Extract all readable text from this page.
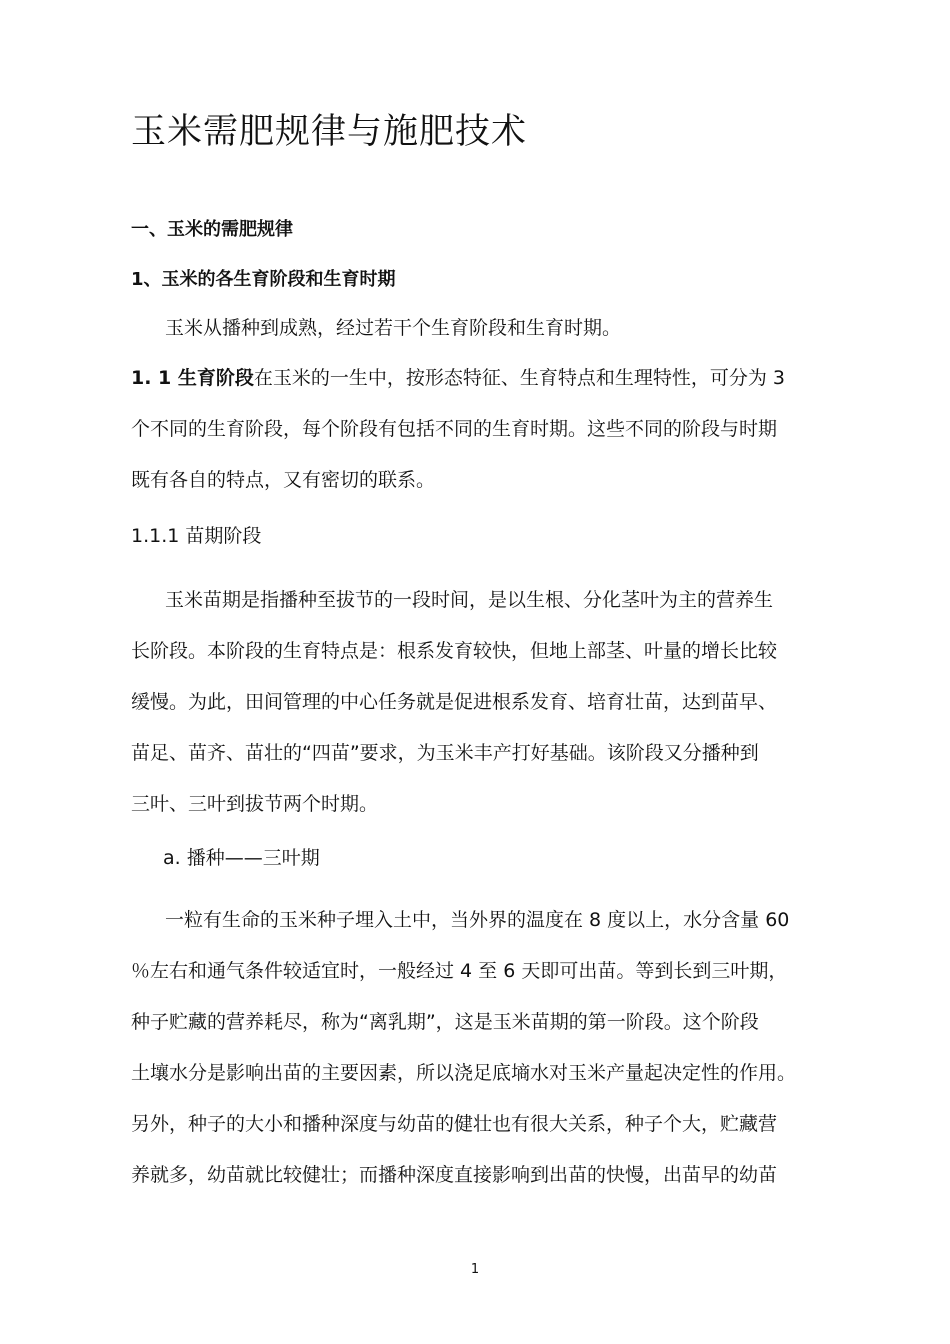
玉米需肥规律与施肥技术
一、玉米的需肥规律
1、玉米的各生育阶段和生育时期
玉米从播种到成熟，经过若干个生育阶段和生育时期。
1. 1 生育阶段在玉米的一生中，按形态特征、生育特点和生理特性，可分为 3
个不同的生育阶段，每个阶段有包括不同的生育时期。这些不同的阶段与时期
既有各自的特点，又有密切的联系。
1.1.1 苗期阶段
玉米苗期是指播种至拔节的一段时间，是以生根、分化茎叶为主的营养生
长阶段。本阶段的生育特点是：根系发育较快，但地上部茎、叶量的增长比较
缓慢。为此，田间管理的中心任务就是促进根系发育、培育壮苗，达到苗早、
苗足、苗齐、苗壮的“四苗”要求，为玉米丰产打好基础。该阶段又分播种到
三叶、三叶到拔节两个时期。
a. 播种——三叶期
一粒有生命的玉米种子埋入土中，当外界的温度在 8 度以上，水分含量 60
％左右和通气条件较适宜时，一般经过 4 至 6 天即可出苗。等到长到三叶期，
种子贮藏的营养耗尽，称为“离乳期”，这是玉米苗期的第一阶段。这个阶段
土壤水分是影响出苗的主要因素，所以浇足底墒水对玉米产量起决定性的作用。
另外，种子的大小和播种深度与幼苗的健壮也有很大关系，种子个大，贮藏营
养就多，幼苗就比较健壮；而播种深度直接影响到出苗的快慢，出苗早的幼苗
1
